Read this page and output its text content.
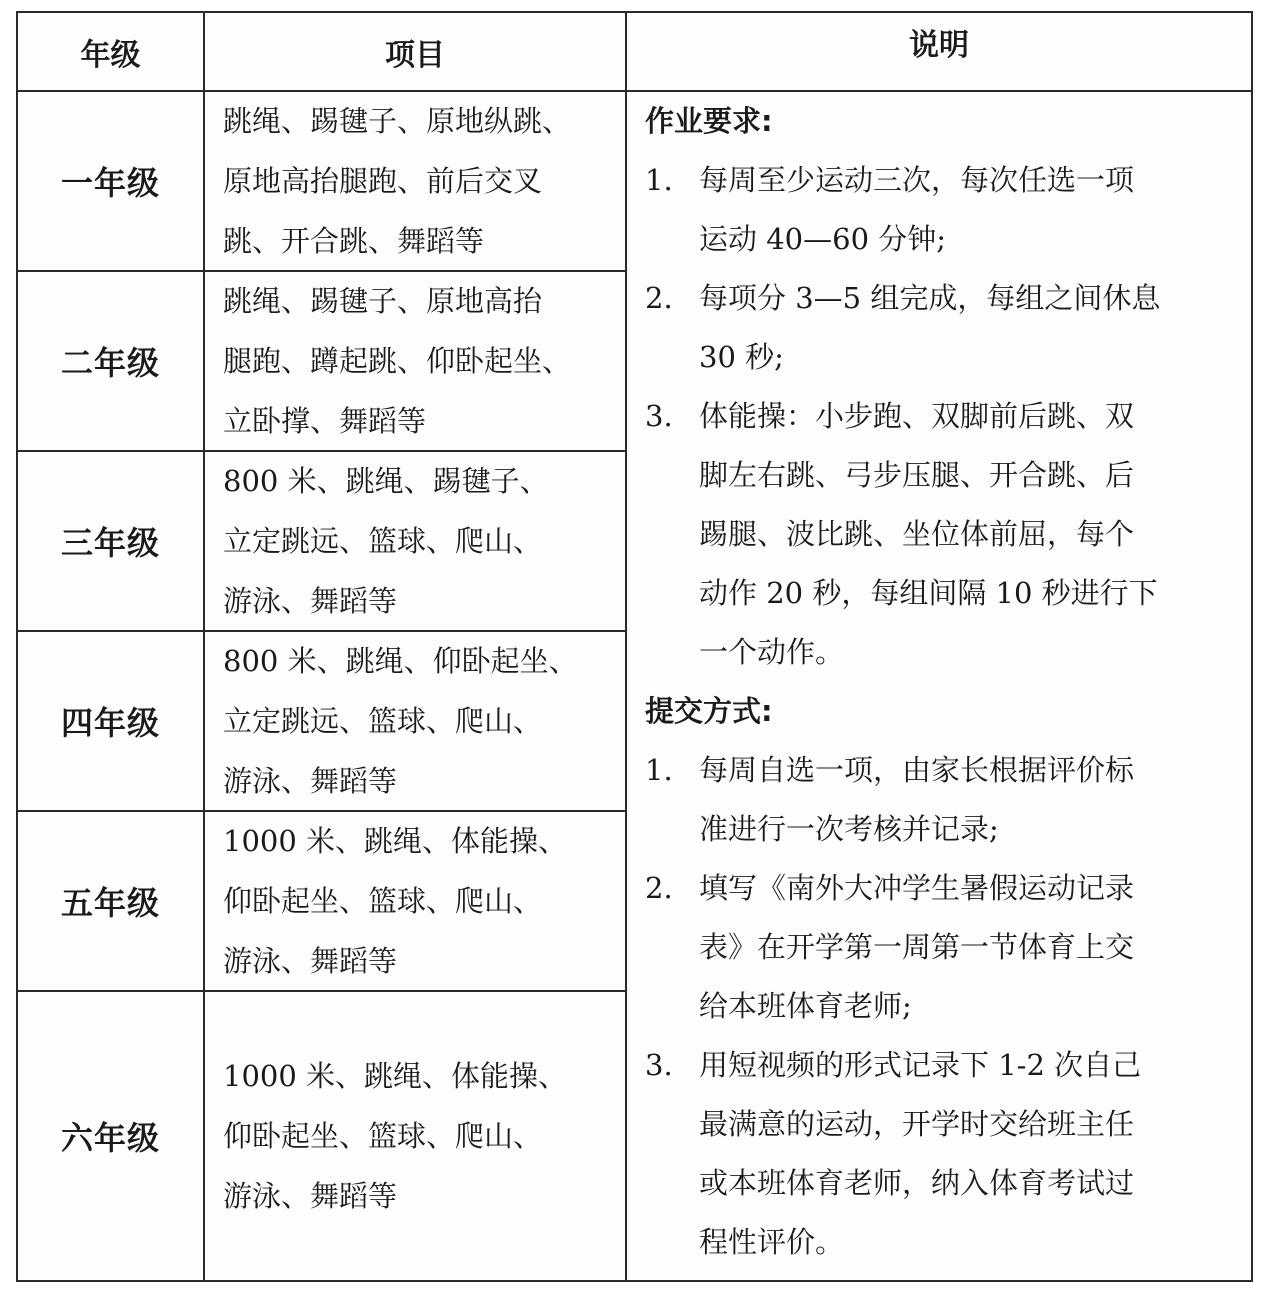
年级	项目	说明
一年级
二年级
三年级
四年级
五年级
六年级
跳绳、踢毽子、原地纵跳、
原地高抬腿跑、前后交叉
跳、开合跳、舞蹈等
跳绳、踢毽子、原地高抬
腿跑、蹲起跳、仰卧起坐、
立卧撑、舞蹈等
800 米、跳绳、踢毽子、
立定跳远、篮球、爬山、
游泳、舞蹈等
800 米、跳绳、仰卧起坐、
立定跳远、篮球、爬山、
游泳、舞蹈等
1000 米、跳绳、体能操、
仰卧起坐、篮球、爬山、
游泳、舞蹈等
1000 米、跳绳、体能操、
仰卧起坐、篮球、爬山、
游泳、舞蹈等
作业要求:
1. 每周至少运动三次，每次任选一项
运动 40—60 分钟;
2. 每项分 3—5 组完成，每组之间休息
30 秒;
3. 体能操：小步跑、双脚前后跳、双
脚左右跳、弓步压腿、开合跳、后
踢腿、波比跳、坐位体前屈，每个
动作 20 秒，每组间隔 10 秒进行下
一个动作。
提交方式:
1. 每周自选一项，由家长根据评价标
准进行一次考核并记录;
2. 填写《南外大冲学生暑假运动记录
表》在开学第一周第一节体育上交
给本班体育老师;
3. 用短视频的形式记录下 1-2 次自己
最满意的运动，开学时交给班主任
或本班体育老师，纳入体育考试过
程性评价。
